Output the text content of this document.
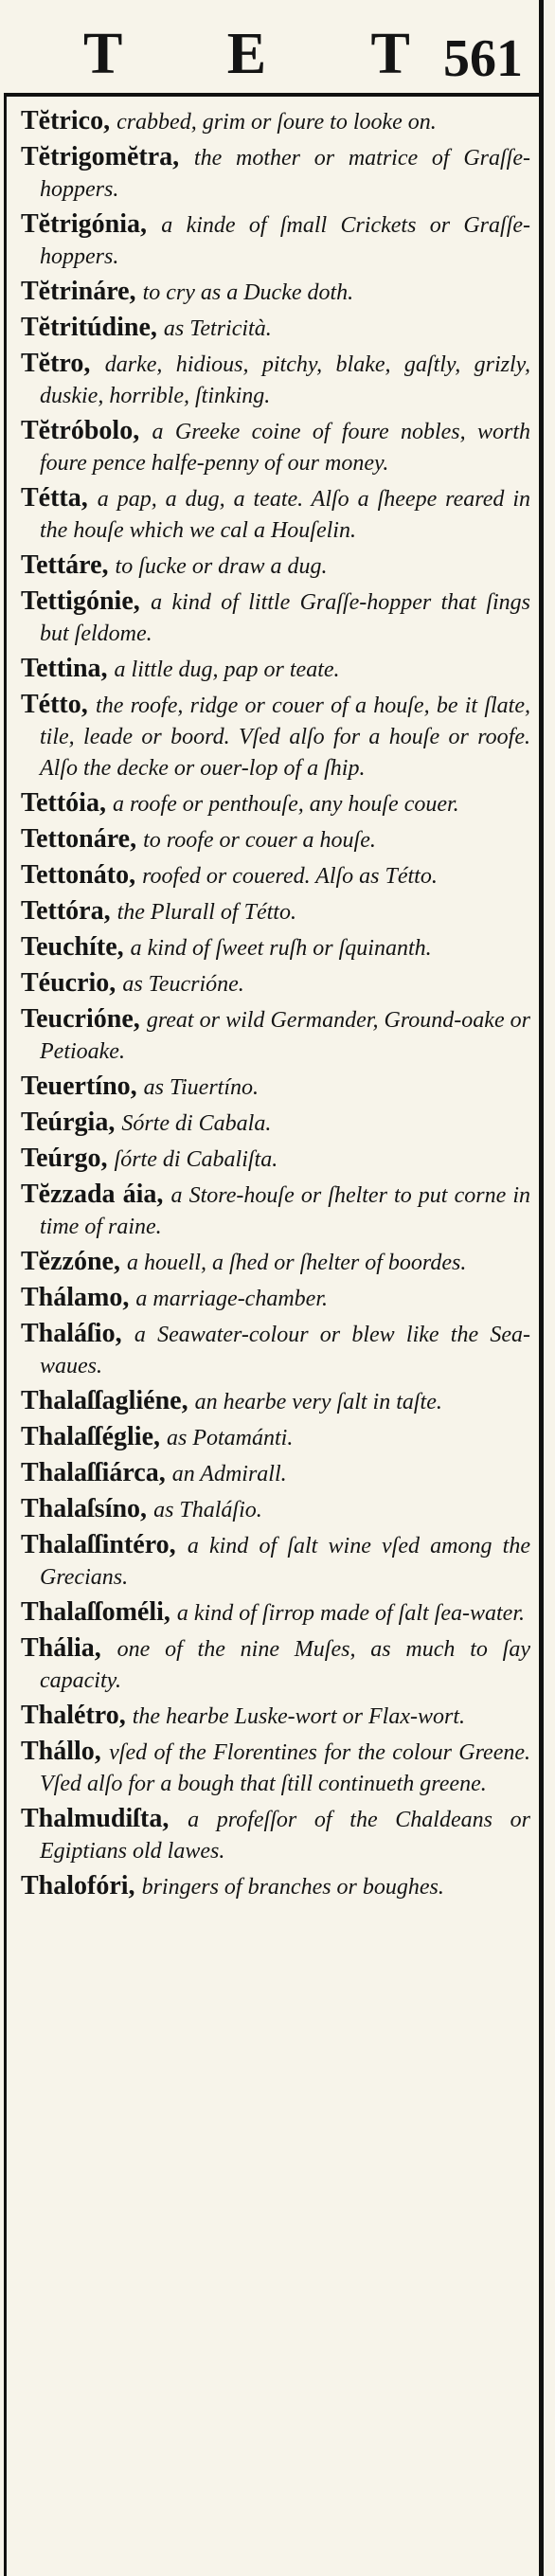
T E T
561
Tĕtrico, crabbed, grim or ſoure to looke on.
Tĕtrigomĕtra, the mother or matrice of Graſſe-hoppers.
Tĕtrigónia, a kinde of ſmall Crickets or Graſſe-hoppers.
Tĕtrináre, to cry as a Ducke doth.
Tĕtritúdine, as Tetricità.
Tĕtro, darke, hidious, pitchy, blake, gaſtly, grizly, duskie, horrible, ſtinking.
Tĕtróbolo, a Greeke coine of foure nobles, worth foure pence halfe-penny of our money.
Tétta, a pap, a dug, a teate. Alſo a ſheepe reared in the houſe which we cal a Houſelin.
Tettáre, to ſucke or draw a dug.
Tettigónie, a kind of little Graſſe-hopper that ſings but ſeldome.
Tettina, a little dug, pap or teate.
Tétto, the roofe, ridge or couer of a houſe, be it ſlate, tile, leade or boord. Vſed alſo for a houſe or roofe. Alſo the decke or ouer-lop of a ſhip.
Tettóia, a roofe or penthouſe, any houſe couer.
Tettonáre, to roofe or couer a houſe.
Tettonáto, roofed or couered. Alſo as Tétto.
Tettóra, the Plurall of Tétto.
Teuchíte, a kind of ſweet ruſh or ſquinanth.
Téucrio, as Teucrióne.
Teucrióne, great or wild Germander, Ground-oake or Petioake.
Teuertíno, as Tiuertíno.
Teúrgia, Sórte di Cabala.
Teúrgo, ſórte di Cabaliſta.
Tĕzzada áia, a Store-houſe or ſhelter to put corne in time of raine.
Tĕzzóne, a houell, a ſhed or ſhelter of boordes.
Thálamo, a marriage-chamber.
Thaláſio, a Seawater-colour or blew like the Sea-waues.
Thalaſſagliéne, an hearbe very ſalt in taſte.
Thalaſſéglie, as Potamánti.
Thalaſſiárca, an Admirall.
Thalaſsíno, as Thaláſio.
Thalaſſintéro, a kind of ſalt wine vſed among the Grecians.
Thalaſſoméli, a kind of ſirrop made of ſalt ſea-water.
Thália, one of the nine Muſes, as much to ſay capacity.
Thalétro, the hearbe Luske-wort or Flax-wort.
Thállo, vſed of the Florentines for the colour Greene. Vſed alſo for a bough that ſtill continueth greene.
Thalmudiſta, a profeſſor of the Chaldeans or Egiptians old lawes.
Thalofóri, bringers of branches or boughes.
